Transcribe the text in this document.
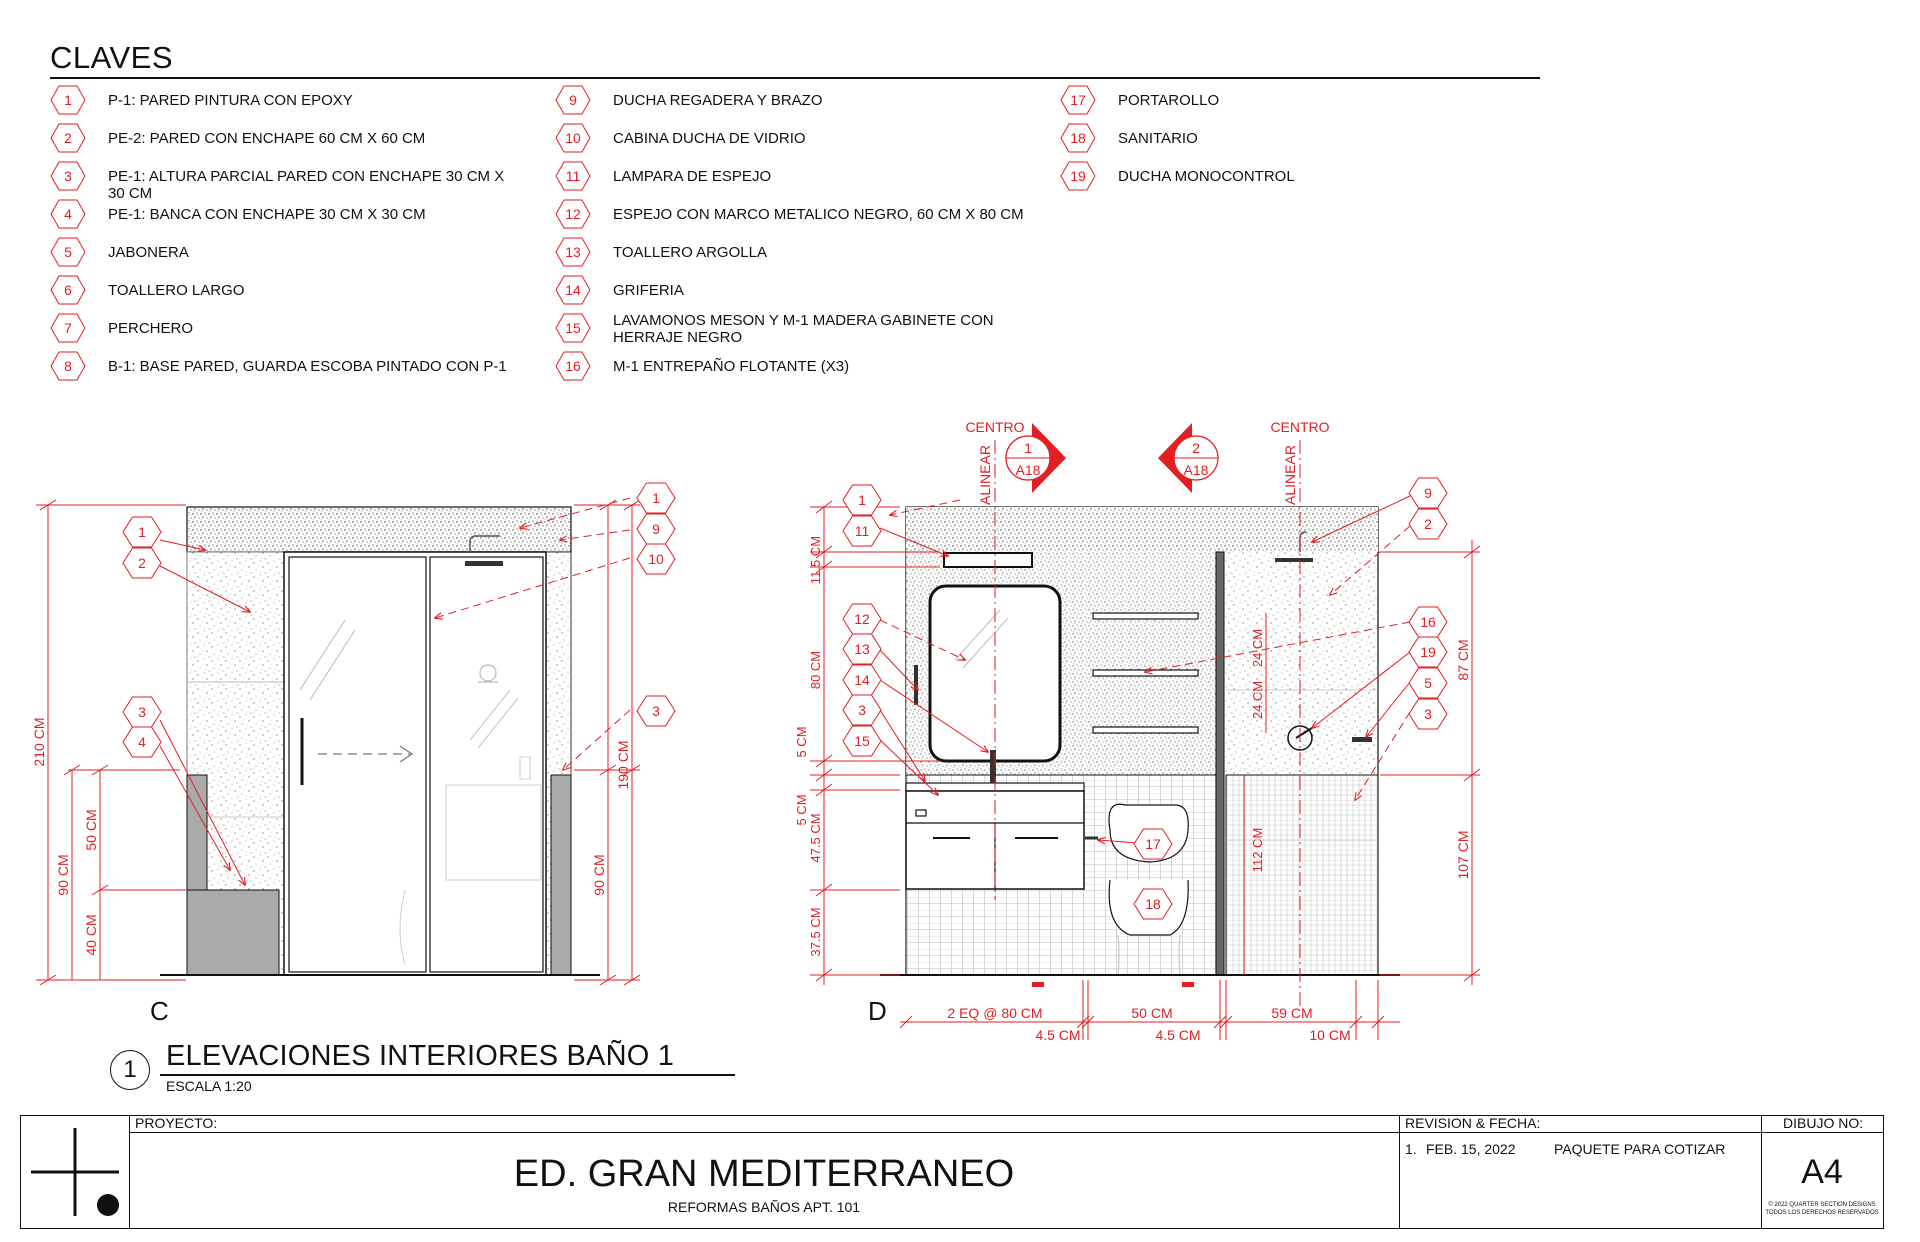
CLAVES
1 P-1: PARED PINTURA CON EPOXY
2 PE-2: PARED CON ENCHAPE 60 CM X 60 CM
3 PE-1: ALTURA PARCIAL PARED CON ENCHAPE 30 CM X 30 CM
4 PE-1: BANCA CON ENCHAPE 30 CM X 30 CM
5 JABONERA
6 TOALLERO LARGO
7 PERCHERO
8 B-1: BASE PARED, GUARDA ESCOBA PINTADO CON P-1
9 DUCHA REGADERA Y BRAZO
10 CABINA DUCHA DE VIDRIO
11 LAMPARA DE ESPEJO
12 ESPEJO CON MARCO METALICO NEGRO, 60 CM X 80 CM
13 TOALLERO ARGOLLA
14 GRIFERIA
15 LAVAMONOS MESON Y M-1 MADERA GABINETE CON HERRAJE NEGRO
16 M-1 ENTREPAÑO FLOTANTE (X3)
17 PORTAROLLO
18 SANITARIO
19 DUCHA MONOCONTROL
210 CM
90 CM
50 CM
40 CM
190 CM
90 CM
1
2
3
4
1
9
10
3
11.5 CM
80 CM
5 CM
5 CM
47.5 CM
37.5 CM
87 CM
107 CM
24 CM
24 CM
112 CM
2 EQ @ 80 CM	50 CM	59 CM
4.5 CM	4.5 CM	10 CM
1
A18
CENTRO
ALINEAR	2
A18
CENTRO
ALINEAR
1
11
12
13
14
3
15
9
2
16
19
5
3
17
18
C	D
1	ELEVACIONES INTERIORES BAÑO 1
ESCALA 1:20
PROYECTO:
ED. GRAN MEDITERRANEO
REFORMAS BAÑOS APT. 101
REVISION & FECHA:
1. FEB. 15, 2022	PAQUETE PARA COTIZAR
DIBUJO NO:
A4
© 2022 QUARTER SECTION DESIGNS
TODOS LOS DERECHOS RESERVADOS
